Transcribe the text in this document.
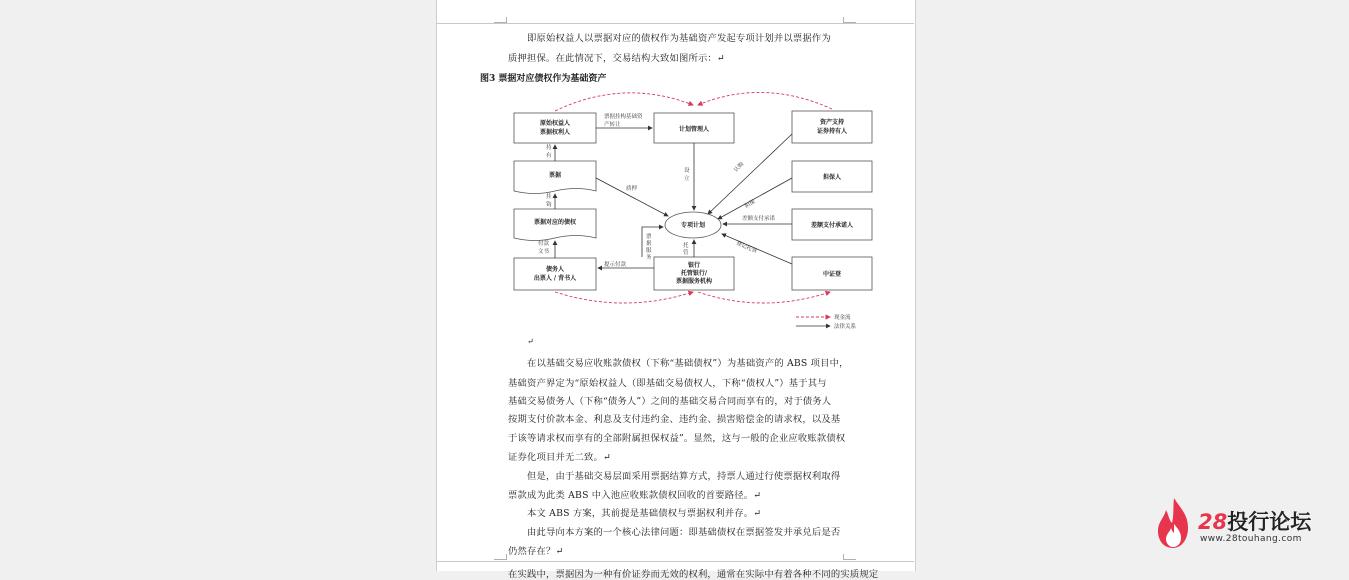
即原始权益人以票据对应的债权作为基础资产发起专项计划并以票据作为
质押担保。在此情况下，交易结构大致如图所示：↵
图3 票据对应债权作为基础资产
原始权益人
票据权利人	计划管理人
资产支持
证券持有人
票据	担保人
票据对应的债权	差额支付承诺人
债务人
出票人 / 背书人
银行
托管银行/
票据服务机构
中证登
专项计划
票据挂构基础资
产转让
持
有
挂
钩
质押
设
立
认购
担保
差额支付承诺
付款
文书
提示付款
票
据
服
务
托
管	登记托管
现金流
法律关系
↵
在以基础交易应收账款债权（下称“基础债权”）为基础资产的 ABS 项目中，
基础资产界定为“原始权益人（即基础交易债权人，下称“债权人”）基于其与
基础交易债务人（下称“债务人”）之间的基础交易合同而享有的，对于债务人
按期支付价款本金、利息及支付违约金、违约金、损害赔偿金的请求权，以及基
于该等请求权而享有的全部附属担保权益”。显然，这与一般的企业应收账款债权
证券化项目并无二致。↵
但是，由于基础交易层面采用票据结算方式，持票人通过行使票据权利取得
票款成为此类 ABS 中入池应收账款债权回收的首要路径。↵
本文 ABS 方案，其前提是基础债权与票据权利并存。↵
由此导向本方案的一个核心法律问题：即基础债权在票据签发并承兑后是否
仍然存在？↵
在实践中，票据因为一种有价证券而无效的权利，通常在实际中有着各种不同的实质规定
28投行论坛
www.28touhang.com
